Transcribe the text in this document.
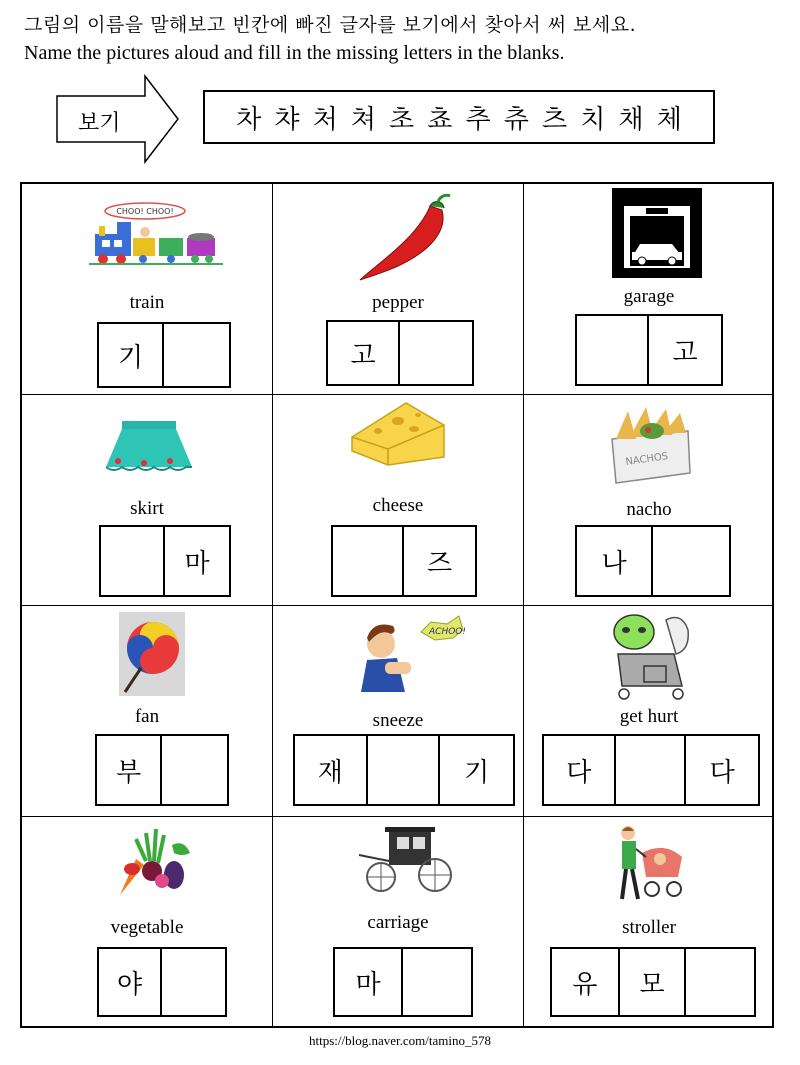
그림의 이름을 말해보고 빈칸에 빠진 글자를 보기에서 찾아서 써 보세요.
Name the pictures aloud and fill in the missing letters in the blanks.
보기	차 챠 처 쳐 초 쵸 추 츄 츠 치 채 체
CHOO! CHOO!
train
기
pepper
고
garage
고
skirt
마
cheese
즈
NACHOS
nacho
나
fan
부
ACHOO!
sneeze
재	기
get hurt
다	다
vegetable
야
carriage
마
stroller
유	모
https://blog.naver.com/tamino_578
